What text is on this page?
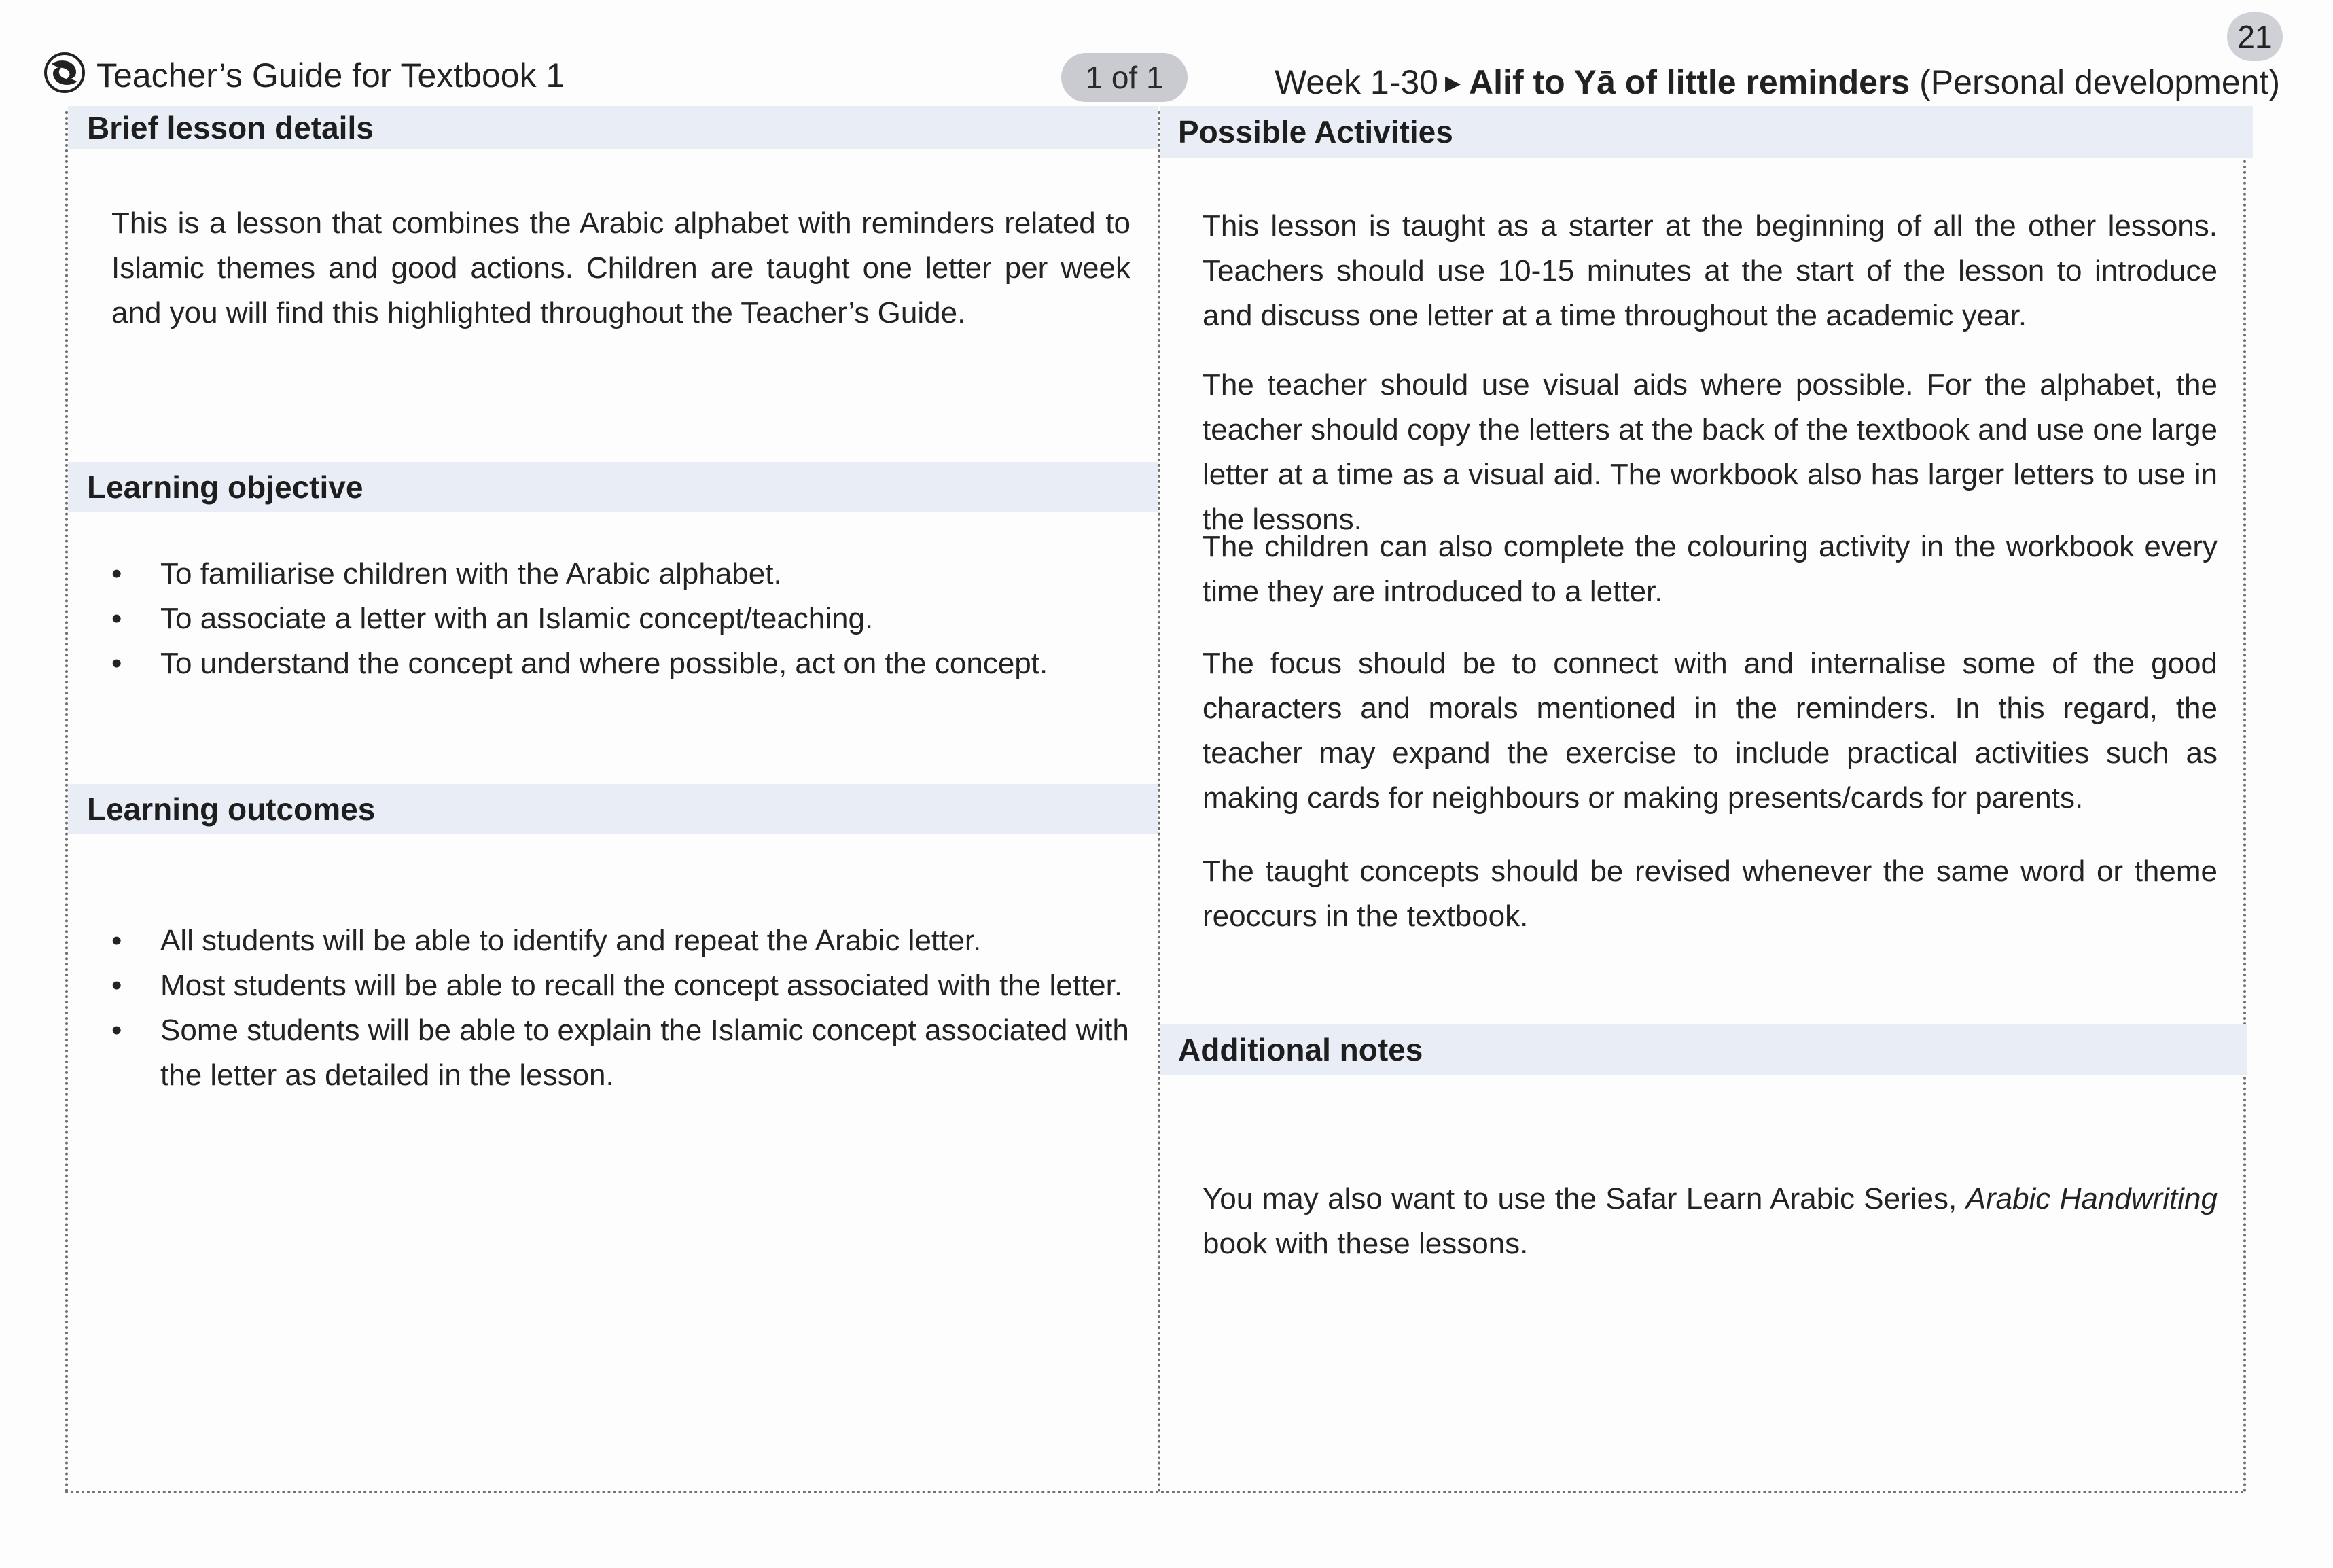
Teacher’s Guide for Textbook 1	1 of 1	Week 1-30 ▶ Alif to Yā of little reminders (Personal development)
21
Brief lesson details
This is a lesson that combines the Arabic alphabet with reminders related to Islamic themes and good actions. Children are taught one letter per week and you will find this highlighted throughout the Teacher’s Guide.
Learning objective
•	To familiarise children with the Arabic alphabet.
•	To associate a letter with an Islamic concept/teaching.
•	To understand the concept and where possible, act on the concept.
Learning outcomes
•	All students will be able to identify and repeat the Arabic letter.
•	Most students will be able to recall the concept associated with the letter.
•	Some students will be able to explain the Islamic concept associated with the letter as detailed in the lesson.
Possible Activities
This lesson is taught as a starter at the beginning of all the other lessons. Teachers should use 10-15 minutes at the start of the lesson to introduce and discuss one letter at a time throughout the academic year.
The teacher should use visual aids where possible. For the alphabet, the teacher should copy the letters at the back of the textbook and use one large letter at a time as a visual aid. The workbook also has larger letters to use in the lessons.
The children can also complete the colouring activity in the workbook every time they are introduced to a letter.
The focus should be to connect with and internalise some of the good characters and morals mentioned in the reminders. In this regard, the teacher may expand the exercise to include practical activities such as making cards for neighbours or making presents/cards for parents.
The taught concepts should be revised whenever the same word or theme reoccurs in the textbook.
Additional notes
You may also want to use the Safar Learn Arabic Series, Arabic Handwriting book with these lessons.
